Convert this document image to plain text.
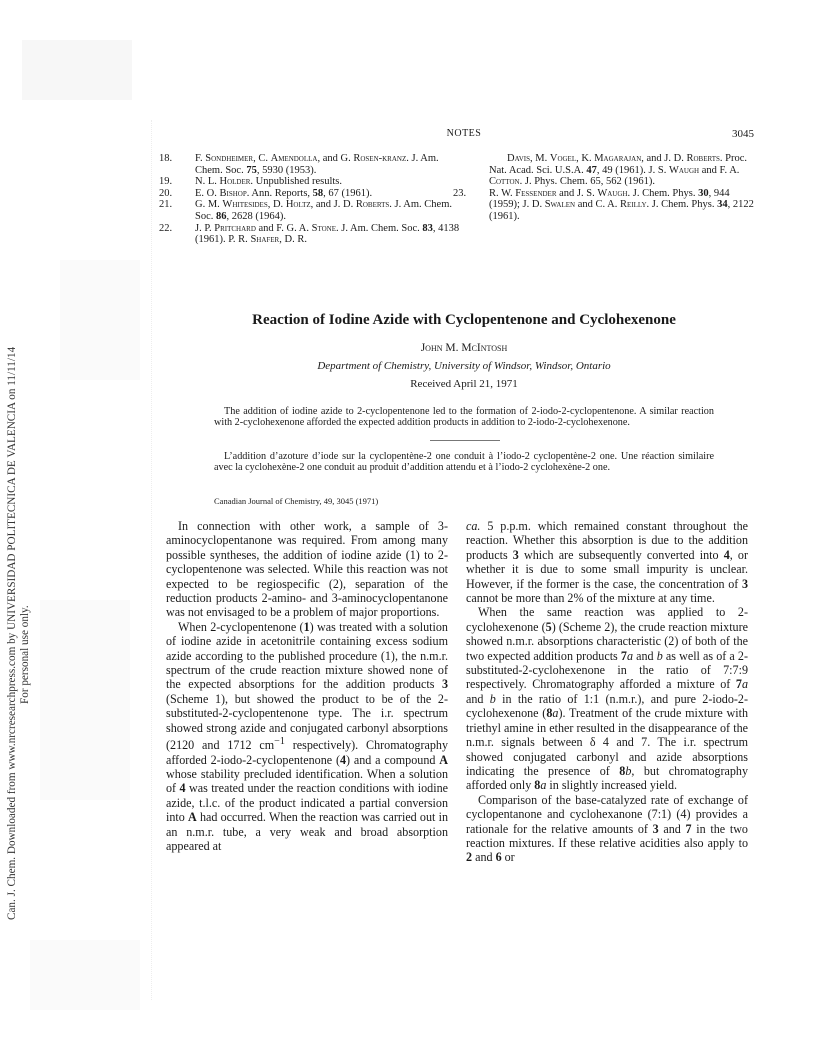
Can. J. Chem. Downloaded from www.nrcresearchpress.com by UNIVERSIDAD POLITECNICA DE VALENCIA on 11/11/14 For personal use only.
NOTES	3045
18. F. Sondheimer, C. Amendolla, and G. Rosen-kranz. J. Am. Chem. Soc. 75, 5930 (1953).
19. N. L. Holder. Unpublished results.
20. E. O. Bishop. Ann. Reports, 58, 67 (1961).
21. G. M. Whitesides, D. Holtz, and J. D. Roberts. J. Am. Chem. Soc. 86, 2628 (1964).
22. J. P. Pritchard and F. G. A. Stone. J. Am. Chem. Soc. 83, 4138 (1961). P. R. Shafer, D. R.
Davis, M. Vogel, K. Magarajan, and J. D. Roberts. Proc. Nat. Acad. Sci. U.S.A. 47, 49 (1961). J. S. Waugh and F. A. Cotton. J. Phys. Chem. 65, 562 (1961).
23. R. W. Fessender and J. S. Waugh. J. Chem. Phys. 30, 944 (1959); J. D. Swalen and C. A. Reilly. J. Chem. Phys. 34, 2122 (1961).
Reaction of Iodine Azide with Cyclopentenone and Cyclohexenone
John M. McIntosh
Department of Chemistry, University of Windsor, Windsor, Ontario
Received April 21, 1971

The addition of iodine azide to 2-cyclopentenone led to the formation of 2-iodo-2-cyclopentenone. A similar reaction with 2-cyclohexenone afforded the expected addition products in addition to 2-iodo-2-cyclohexenone.

L’addition d’azoture d’iode sur la cyclopentène-2 one conduit à l’iodo-2 cyclopentène-2 one. Une réaction similaire avec la cyclohexène-2 one conduit au produit d’addition attendu et à l’iodo-2 cyclohexène-2 one.

Canadian Journal of Chemistry, 49, 3045 (1971)

In connection with other work, a sample of 3-aminocyclopentanone was required. From among many possible syntheses, the addition of iodine azide (1) to 2-cyclopentenone was selected. While this reaction was not expected to be regiospecific (2), separation of the reduction products 2-amino- and 3-aminocyclopentanone was not envisaged to be a problem of major proportions.

When 2-cyclopentenone (1) was treated with a solution of iodine azide in acetonitrile containing excess sodium azide according to the published procedure (1), the n.m.r. spectrum of the crude reaction mixture showed none of the expected absorptions for the addition products 3 (Scheme 1), but showed the product to be of the 2-substituted-2-cyclopentenone type. The i.r. spectrum showed strong azide and conjugated carbonyl absorptions (2120 and 1712 $cm^{-1}$ respectively). Chromatography afforded 2-iodo-2-cyclopentenone (4) and a compound A whose stability precluded identification. When a solution of 4 was treated under the reaction conditions with iodine azide, t.l.c. of the product indicated a partial conversion into A had occurred. When the reaction was carried out in an n.m.r. tube, a very weak and broad absorption appeared at

ca. 5 p.p.m. which remained constant throughout the reaction. Whether this absorption is due to the addition products 3 which are subsequently converted into 4, or whether it is due to some small impurity is unclear. However, if the former is the case, the concentration of 3 cannot be more than 2% of the mixture at any time.

When the same reaction was applied to 2-cyclohexenone (5) (Scheme 2), the crude reaction mixture showed n.m.r. absorptions characteristic (2) of both of the two expected addition products 7a and b as well as of a 2-substituted-2-cyclohexenone in the ratio of 7:7:9 respectively. Chromatography afforded a mixture of 7a and b in the ratio of 1:1 (n.m.r.), and pure 2-iodo-2-cyclohexenone (8a). Treatment of the crude mixture with triethyl amine in ether resulted in the disappearance of the n.m.r. signals between δ 4 and 7. The i.r. spectrum showed conjugated carbonyl and azide absorptions indicating the presence of 8b, but chromatography afforded only 8a in slightly increased yield.

Comparison of the base-catalyzed rate of exchange of cyclopentanone and cyclohexanone (7:1) (4) provides a rationale for the relative amounts of 3 and 7 in the two reaction mixtures. If these relative acidities also apply to 2 and 6 or
